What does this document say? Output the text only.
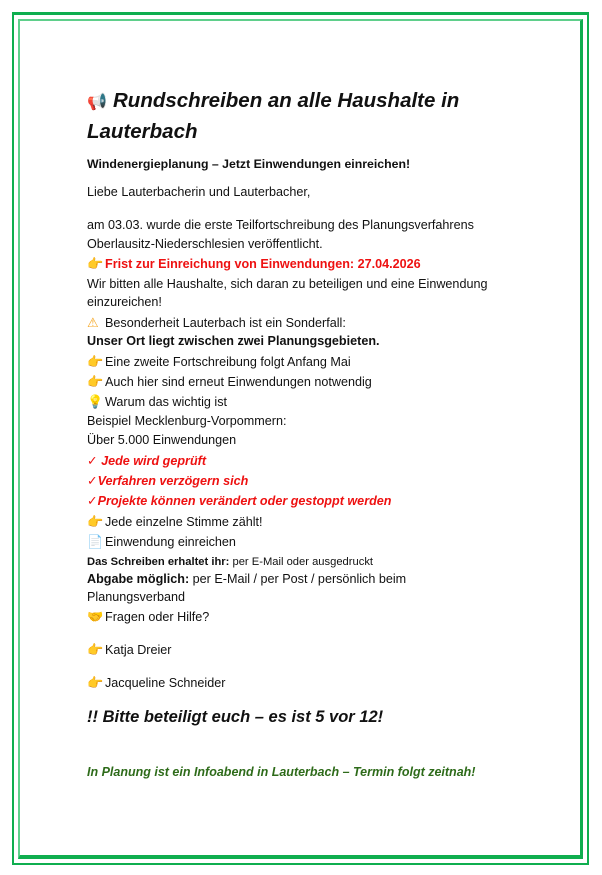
📢 Rundschreiben an alle Haushalte in
Lauterbach
Windenergieplanung – Jetzt Einwendungen einreichen!
Liebe Lauterbacherin und Lauterbacher,
am 03.03. wurde die erste Teilfortschreibung des Planungsverfahrens
Oberlausitz-Niederschlesien veröffentlicht.
👉 Frist zur Einreichung von Einwendungen: 27.04.2026
Wir bitten alle Haushalte, sich daran zu beteiligen und eine Einwendung
einzureichen!
⚠ Besonderheit Lauterbach ist ein Sonderfall:
Unser Ort liegt zwischen zwei Planungsgebieten.
👉 Eine zweite Fortschreibung folgt Anfang Mai
👉 Auch hier sind erneut Einwendungen notwendig
💡 Warum das wichtig ist
Beispiel Mecklenburg-Vorpommern:
Über 5.000 Einwendungen
✓ Jede wird geprüft
✓Verfahren verzögern sich
✓Projekte können verändert oder gestoppt werden
👉 Jede einzelne Stimme zählt!
📄 Einwendung einreichen
Das Schreiben erhaltet ihr: per E-Mail oder ausgedruckt
Abgabe möglich: per E-Mail / per Post / persönlich beim
Planungsverband
🤝 Fragen oder Hilfe?
👉 Katja Dreier
👉 Jacqueline Schneider
!! Bitte beteiligt euch – es ist 5 vor 12!
In Planung ist ein Infoabend in Lauterbach – Termin folgt zeitnah!
